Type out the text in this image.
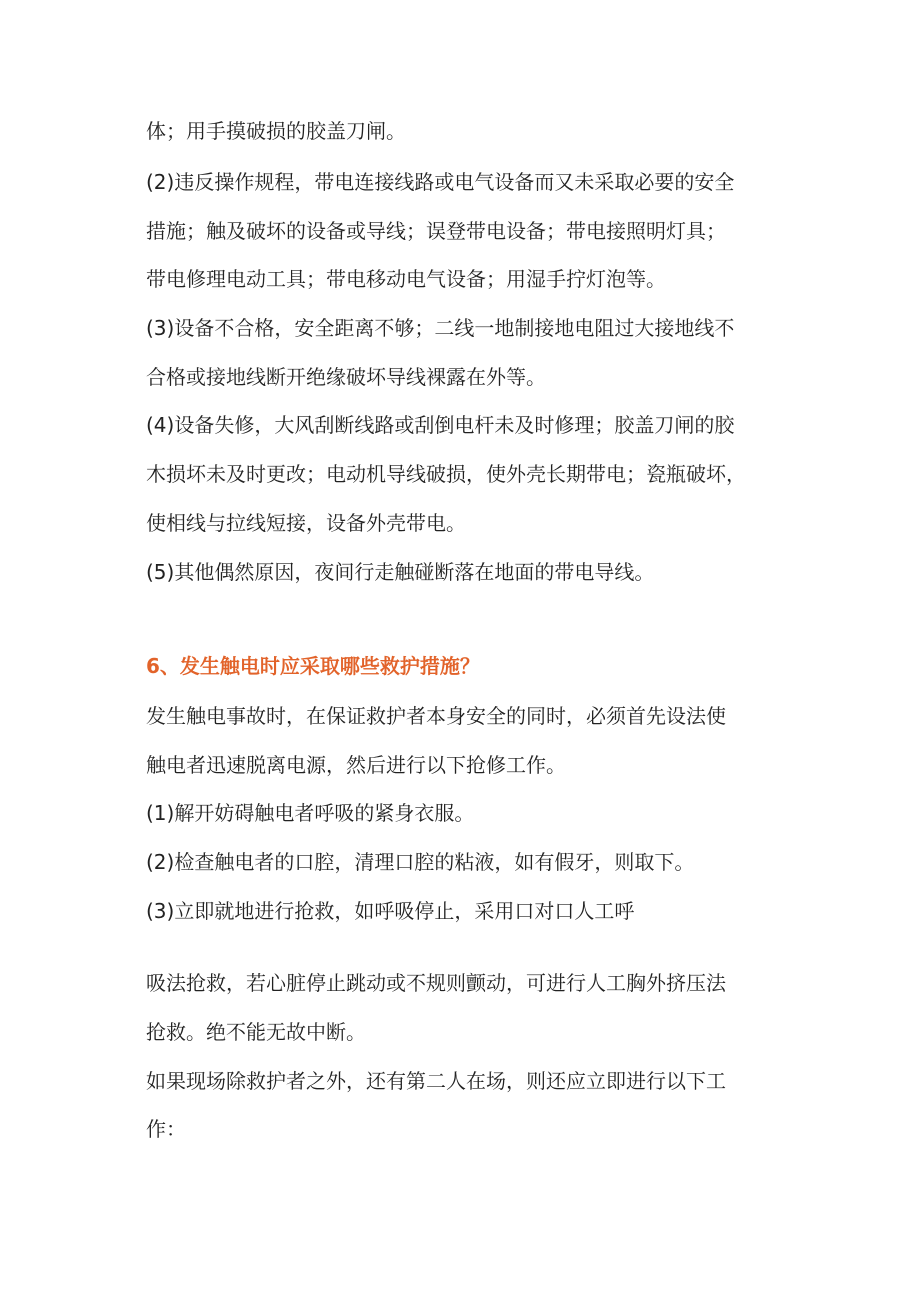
体；用手摸破损的胶盖刀闸。
(2)违反操作规程，带电连接线路或电气设备而又未采取必要的安全
措施；触及破坏的设备或导线；误登带电设备；带电接照明灯具；
带电修理电动工具；带电移动电气设备；用湿手拧灯泡等。
(3)设备不合格，安全距离不够；二线一地制接地电阻过大接地线不
合格或接地线断开绝缘破坏导线裸露在外等。
(4)设备失修，大风刮断线路或刮倒电杆未及时修理；胶盖刀闸的胶
木损坏未及时更改；电动机导线破损，使外壳长期带电；瓷瓶破坏，
使相线与拉线短接，设备外壳带电。
(5)其他偶然原因，夜间行走触碰断落在地面的带电导线。
6、发生触电时应采取哪些救护措施？
发生触电事故时，在保证救护者本身安全的同时，必须首先设法使
触电者迅速脱离电源，然后进行以下抢修工作。
(1)解开妨碍触电者呼吸的紧身衣服。
(2)检查触电者的口腔，清理口腔的粘液，如有假牙，则取下。
(3)立即就地进行抢救，如呼吸停止，采用口对口人工呼
吸法抢救，若心脏停止跳动或不规则颤动，可进行人工胸外挤压法
抢救。绝不能无故中断。
如果现场除救护者之外，还有第二人在场，则还应立即进行以下工
作：
